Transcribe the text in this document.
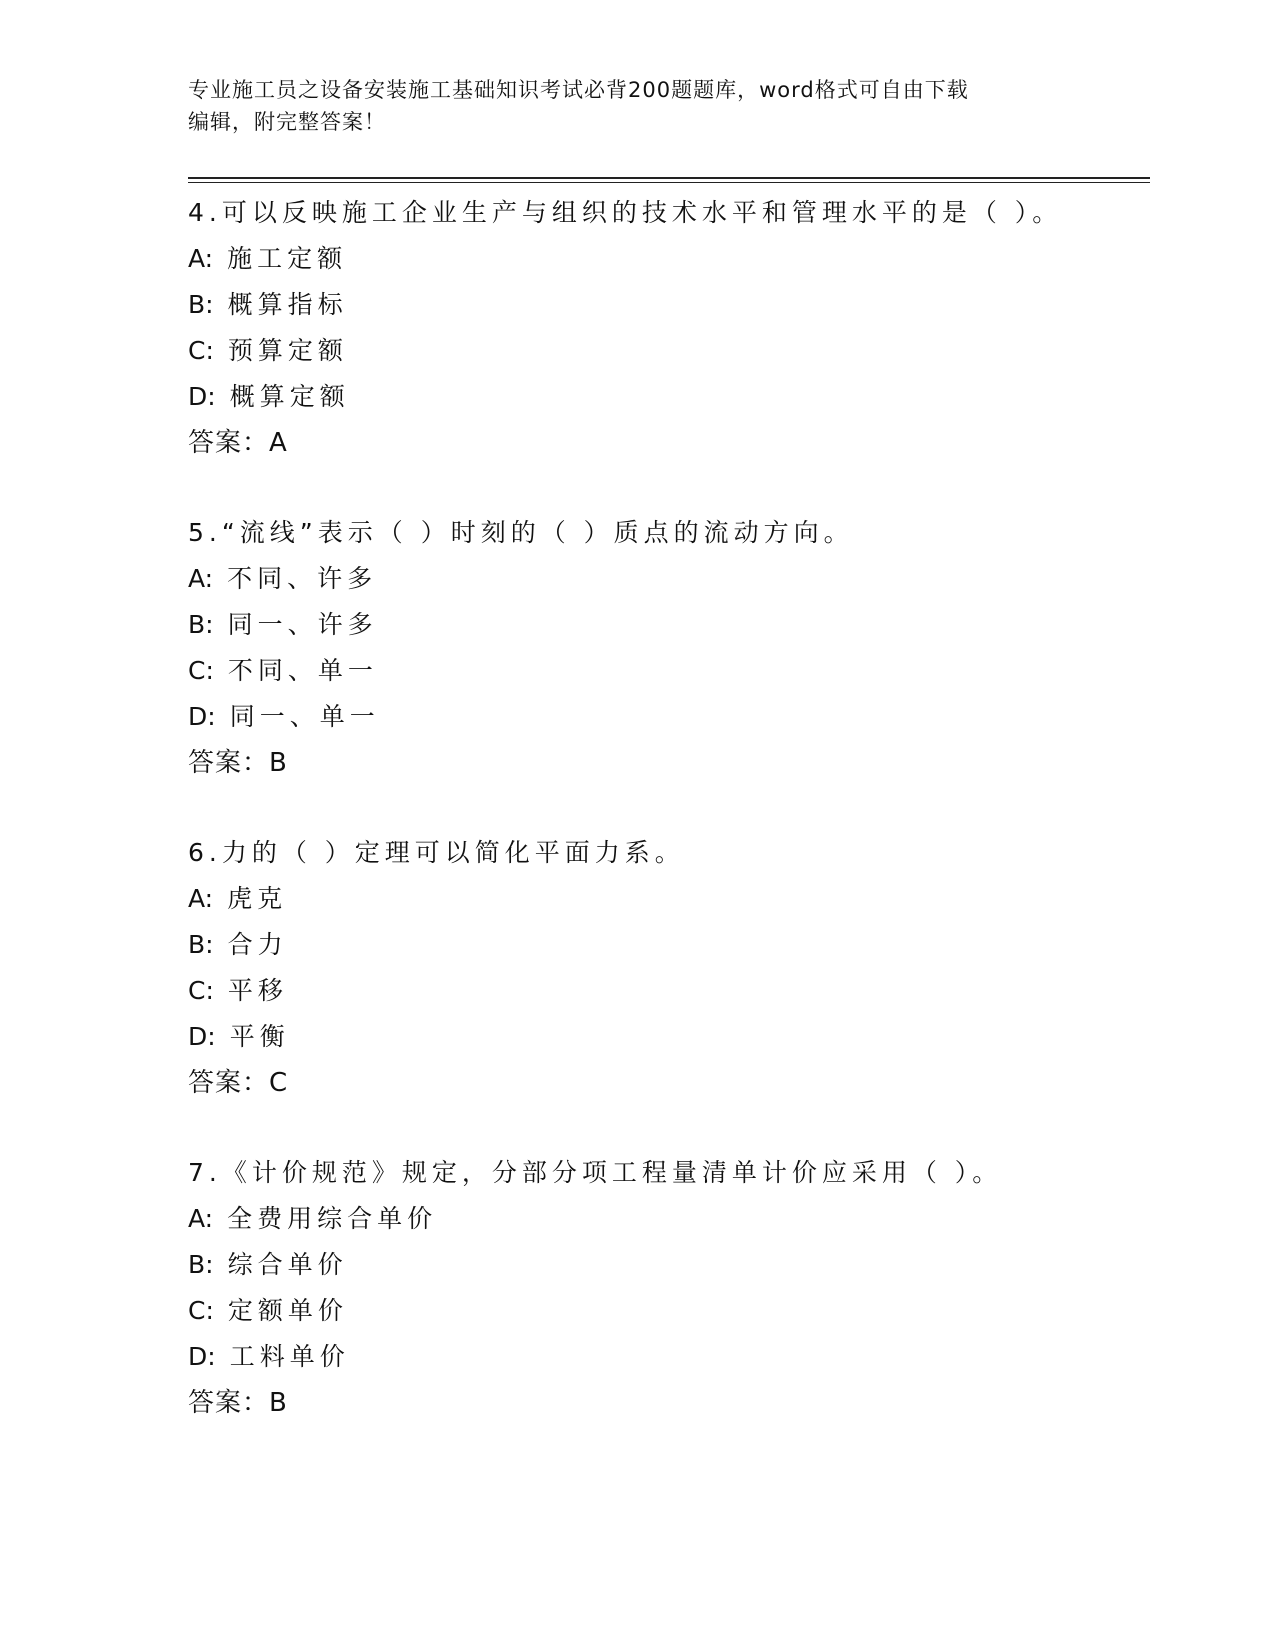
专业施工员之设备安装施工基础知识考试必背200题题库，word格式可自由下载
编辑，附完整答案！
4.可以反映施工企业生产与组织的技术水平和管理水平的是（ ）。
A: 施工定额
B: 概算指标
C: 预算定额
D: 概算定额
答案：A
5.“流线”表示（ ）时刻的（ ）质点的流动方向。
A: 不同、许多
B: 同一、许多
C: 不同、单一
D: 同一、单一
答案：B
6.力的（ ）定理可以简化平面力系。
A: 虎克
B: 合力
C: 平移
D: 平衡
答案：C
7.《计价规范》规定，分部分项工程量清单计价应采用（ ）。
A: 全费用综合单价
B: 综合单价
C: 定额单价
D: 工料单价
答案：B
